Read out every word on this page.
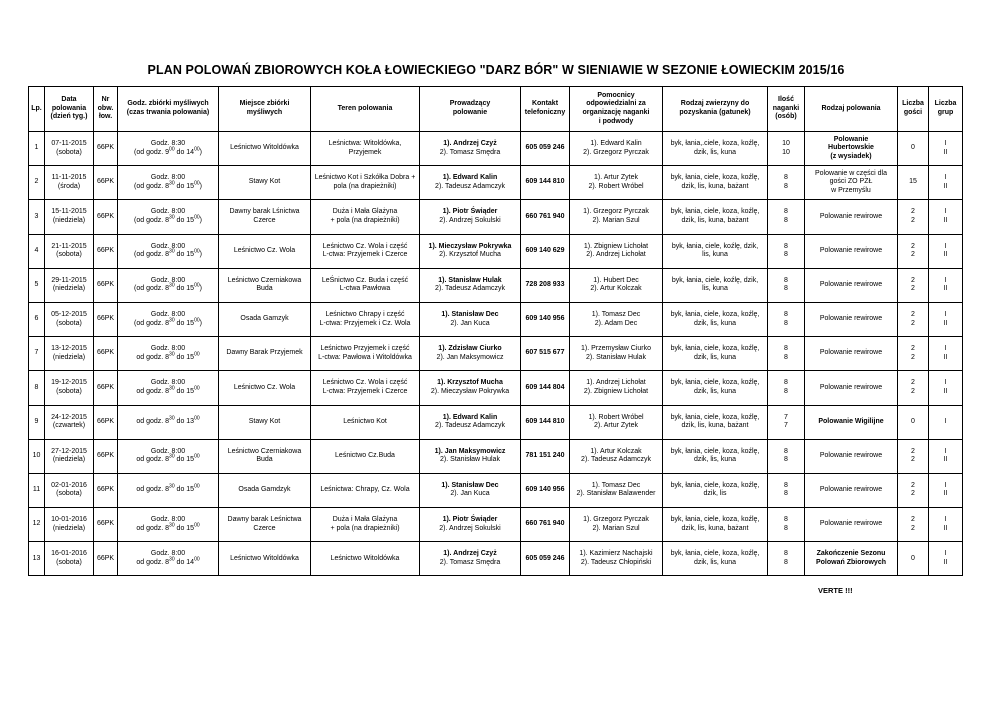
PLAN POLOWAŃ ZBIOROWYCH KOŁA ŁOWIECKIEGO "DARZ BÓR" W SIENIAWIE W SEZONIE ŁOWIECKIM 2015/16
Lp.	Data
polowania
(dzień tyg.)	Nr
obw.
łow.	Godz. zbiórki myśliwych
(czas trwania polowania)	Miejsce zbiórki
myśliwych	Teren polowania	Prowadzący
polowanie	Kontakt
telefoniczny	Pomocnicy
odpowiedzialni za
organizację naganki
i podwody	Rodzaj zwierzyny do
pozyskania (gatunek)	Ilość
naganki
(osób)	Rodzaj polowania	Liczba
gości	Liczba
grup

1	07-11-2015
(sobota)	66PK	Godz. 8:30
(od godz. $9^{00}$ do $14^{00}$)	Leśnictwo Witoldówka	Leśnictwa: Witoldówka,
Przyjemek	1). Andrzej Czyż
2). Tomasz Smędra	605 059 246	1). Edward Kalin
2). Grzegorz Pyrczak	byk, łania,.ciele, koza, koźlę,
dzik, lis, kuna	10
10	Polowanie
Hubertowskie
(z wysiadek)	0	I
II

2	11-11-2015
(środa)	66PK	Godz. 8:00
(od godz. $8^{30}$ do $15^{00}$)	Stawy Kot	Leśnictwo Kot i Szkółka Dobra +
pola (na drapieżniki)	1). Edward Kalin
2). Tadeusz Adamczyk	609 144 810	1). Artur Zytek
2). Robert Wróbel	byk, łania, ciele, koza, koźlę,
dzik, lis, kuna, bażant	8
8	Polowanie w części dla
gości ZO PZŁ
w Przemyślu	15	I
II

3	15-11-2015
(niedziela)	66PK	Godz. 8:00
(od godz. $8^{30}$ do $15^{00}$)	Dawny barak Lśnictwa
Czerce	Duża i Mała Glażyna
+ pola (na drapieżniki)	1). Piotr Świąder
2). Andrzej Sokulski	660 761 940	1). Grzegorz Pyrczak
2). Marian Szul	byk, łania, ciele, koza, koźlę,
dzik, lis, kuna, bażant	8
8	Polowanie rewirowe	2
2	I
II

4	21-11-2015
(sobota)	66PK	Godz. 8:00
(od godz. $8^{30}$ do $15^{00}$)	Leśnictwo Cz. Wola	Leśnictwo Cz. Wola i część
L-ctwa: Przyjemek i Czerce	1). Mieczysław Pokrywka
2). Krzysztof Mucha	609 140 629	1). Zbigniew Lichołat
2). Andrzej Lichołat	byk, łania, ciele, koźlę, dzik,
lis, kuna	8
8	Polowanie rewirowe	2
2	I
II

5	29-11-2015
(niedziela)	66PK	Godz. 8:00
(od godz. $8^{30}$ do $15^{00}$)	Leśnictwo Czerniakowa
Buda	LeŚnictwo Cz. Buda i część
L-ctwa Pawłowa	1). Stanisław Hulak
2). Tadeusz Adamczyk	728 208 933	1). Hubert Dec
2). Artur Kolczak	byk, łania, ciele, koźlę, dzik,
lis, kuna	8
8	Polowanie rewirowe	2
2	I
II

6	05-12-2015
(sobota)	66PK	Godz. 8:00
(od godz. $8^{30}$ do $15^{00}$)	Osada Gamzyk	Leśnictwo Chrapy i część
L-ctwa: Przyjemek i Cz. Wola	1). Stanisław Dec
2). Jan Kuca	609 140 956	1). Tomasz Dec
2). Adam Dec	byk, łania, ciele, koza, koźlę,
dzik, lis, kuna	8
8	Polowanie rewirowe	2
2	I
II

7	13-12-2015
(niedziela)	66PK	Godz. 8:00
od godz. $8^{30}$ do $15^{00}$	Dawny Barak Przyjemek	Leśnictwo Przyjemek i część
L-ctwa: Pawłowa i Witoldówka	1). Zdzisław Ciurko
2). Jan Maksymowicz	607 515 677	1). Przemysław Ciurko
2). Stanisław Hulak	byk, łania, ciele, koza, koźlę,
dzik, lis, kuna	8
8	Polowanie rewirowe	2
2	I
II

8	19-12-2015
(sobota)	66PK	Godz. 8:00
od godz. $8^{30}$ do $15^{00}$	Leśnictwo Cz. Wola	Leśnictwo Cz. Wola i część
L-ctwa: Przyjemek i Czerce	1). Krzysztof Mucha
2). Mieczysław Pokrywka	609 144 804	1). Andrzej Lichołat
2). Zbigniew Lichołat	byk, łania, ciele, koza, koźlę,
dzik, lis, kuna	8
8	Polowanie rewirowe	2
2	I
II

9	24-12-2015
(czwartek)	66PK	od godz. $8^{30}$ do $13^{00}$	Stawy Kot	Leśnictwo Kot	1). Edward Kalin
2). Tadeusz Adamczyk	609 144 810	1). Robert Wróbel
2). Artur Zytek	byk, łania, ciele, koza, koźlę,
dzik, lis, kuna, bażant	7
7	Polowanie Wigilijne	0	I

10	27-12-2015
(niedziela)	66PK	Godz. 8:00
od godz. $8^{30}$ do $15^{00}$	Leśnictwo Czerniakowa
Buda	Leśnictwo Cz.Buda	1). Jan Maksymowicz
2). Stanisław Hulak	781 151 240	1). Artur Kolczak
2). Tadeusz Adamczyk	byk, łania, ciele, koza, koźlę,
dzik, lis, kuna	8
8	Polowanie rewirowe	2
2	I
II

11	02-01-2016
(sobota)	66PK	od godz. $8^{30}$ do $15^{00}$	Osada Gamdzyk	Leśnictwa: Chrapy, Cz. Wola	1). Stanisław Dec
2). Jan Kuca	609 140 956	1). Tomasz Dec
2). Stanisław Balawender	byk, łania, ciele, koza, koźlę,
dzik, lis	8
8	Polowanie rewirowe	2
2	I
II

12	10-01-2016
(niedziela)	66PK	Godz. 8:00
od godz. $8^{30}$ do $15^{00}$	Dawny barak Leśnictwa
Czerce	Duża i Mała Glażyna
+ pola (na drapieżniki)	1). Piotr Świąder
2). Andrzej Sokulski	660 761 940	1). Grzegorz Pyrczak
2). Marian Szul	byk, łania, ciele, koza, koźlę,
dzik, lis, kuna, bażant	8
8	Polowanie rewirowe	2
2	I
II

13	16-01-2016
(sobota)	66PK	Godz. 8:00
od godz. $8^{30}$ do $14^{00}$	Leśnictwo Witoldówka	Leśnictwo Witoldówka	1). Andrzej Czyż
2). Tomasz Smędra	605 059 246	1). Kazimierz Nachajski
2). Tadeusz Chłopiński	byk, łania, ciele, koza, koźlę,
dzik, lis, kuna	8
8	Zakończenie Sezonu
Polowań Zbiorowych	0	I
II
VERTE !!!
